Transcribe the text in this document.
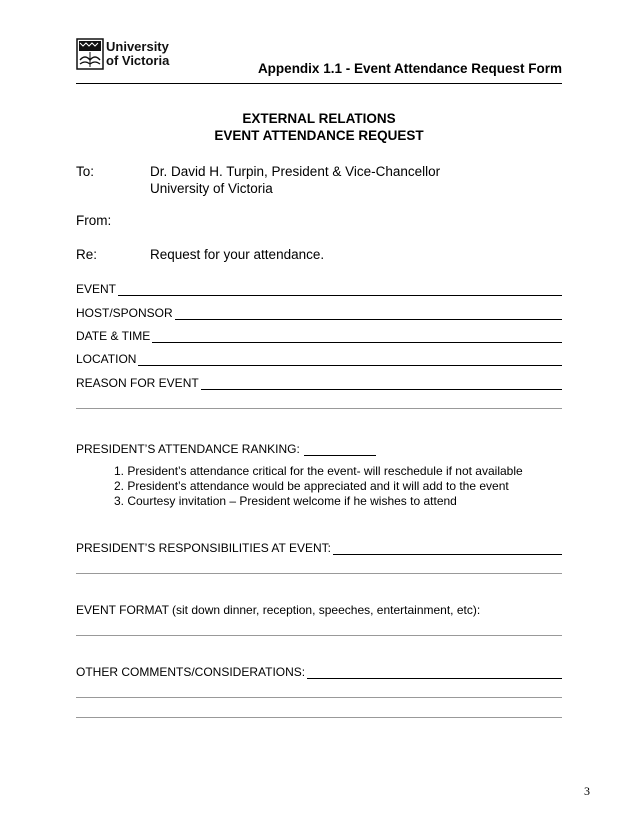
University
of Victoria
Appendix 1.1 - Event Attendance Request Form
EXTERNAL RELATIONS
EVENT ATTENDANCE REQUEST
To:	Dr. David H. Turpin, President & Vice-Chancellor
University of Victoria
From:
Re:	Request for your attendance.
EVENT
HOST/SPONSOR
DATE & TIME
LOCATION
REASON FOR EVENT
PRESIDENT’S ATTENDANCE RANKING:
1. President’s attendance critical for the event- will reschedule if not available
2. President’s attendance would be appreciated and it will add to the event
3. Courtesy invitation – President welcome if he wishes to attend
PRESIDENT’S RESPONSIBILITIES AT EVENT:
EVENT FORMAT (sit down dinner, reception, speeches, entertainment, etc):
OTHER COMMENTS/CONSIDERATIONS:
3
